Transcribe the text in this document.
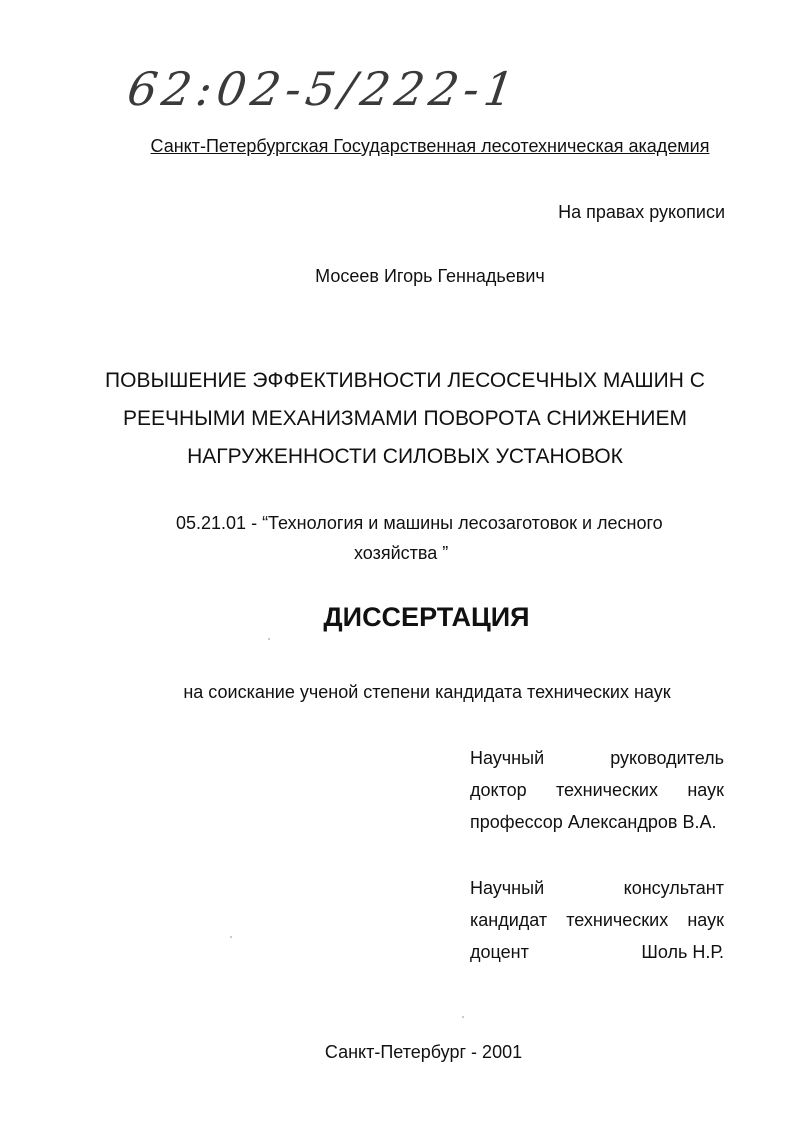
62:02-5/222-1
Санкт-Петербургская Государственная лесотехническая академия
На правах рукописи
Мосеев Игорь Геннадьевич
ПОВЫШЕНИЕ ЭФФЕКТИВНОСТИ ЛЕСОСЕЧНЫХ МАШИН С
РЕЕЧНЫМИ МЕХАНИЗМАМИ ПОВОРОТА СНИЖЕНИЕМ
НАГРУЖЕННОСТИ СИЛОВЫХ УСТАНОВОК
05.21.01 - “Технология и машины лесозаготовок и лесного
хозяйства ”
ДИССЕРТАЦИЯ
на соискание ученой степени кандидата технических наук
Научный	руководитель
доктор технических наук
профессор Александров В.А.
Научный	консультант
кандидат технических наук
доцент	Шоль Н.Р.
Санкт-Петербург - 2001
